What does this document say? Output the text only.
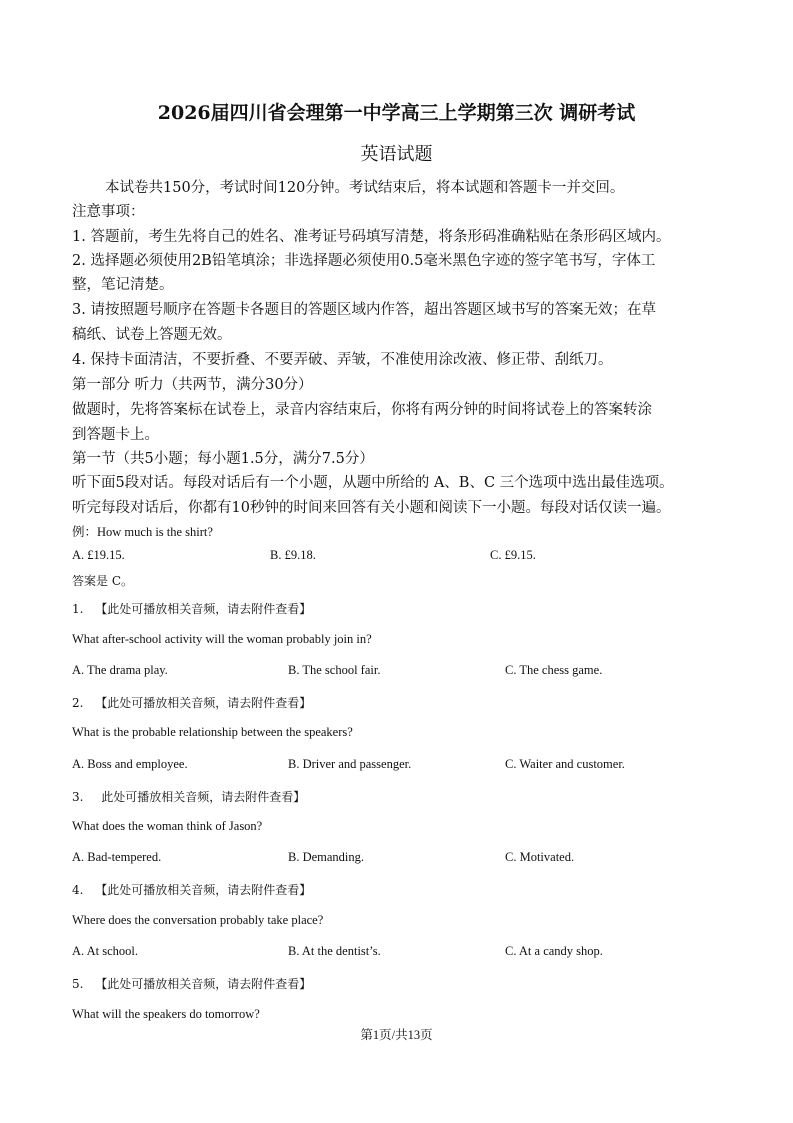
2026届四川省会理第一中学高三上学期第三次 调研考试
英语试题
本试卷共150分，考试时间120分钟。考试结束后，将本试题和答题卡一并交回。
注意事项：
1. 答题前，考生先将自己的姓名、准考证号码填写清楚，将条形码准确粘贴在条形码区域内。
2. 选择题必须使用2B铅笔填涂；非选择题必须使用0.5毫米黑色字迹的签字笔书写，字体工
整，笔记清楚。
3. 请按照题号顺序在答题卡各题目的答题区域内作答，超出答题区域书写的答案无效；在草
稿纸、试卷上答题无效。
4. 保持卡面清洁，不要折叠、不要弄破、弄皱，不准使用涂改液、修正带、刮纸刀。
第一部分 听力（共两节，满分30分）
做题时，先将答案标在试卷上，录音内容结束后，你将有两分钟的时间将试卷上的答案转涂
到答题卡上。
第一节（共5小题；每小题1.5分，满分7.5分）
听下面5段对话。每段对话后有一个小题，从题中所给的 A、B、C 三个选项中选出最佳选项。
听完每段对话后，你都有10秒钟的时间来回答有关小题和阅读下一小题。每段对话仅读一遍。
例：How much is the shirt?
A. £19.15.	B. £9.18.	C. £9.15.
答案是 C。
1. 【此处可播放相关音频，请去附件查看】
What after-school activity will the woman probably join in?
A. The drama play.	B. The school fair.	C. The chess game.
2. 【此处可播放相关音频，请去附件查看】
What is the probable relationship between the speakers?
A. Boss and employee.	B. Driver and passenger.	C. Waiter and customer.
3. 此处可播放相关音频，请去附件查看】
What does the woman think of Jason?
A. Bad-tempered.	B. Demanding.	C. Motivated.
4. 【此处可播放相关音频，请去附件查看】
Where does the conversation probably take place?
A. At school.	B. At the dentist’s.	C. At a candy shop.
5. 【此处可播放相关音频，请去附件查看】
What will the speakers do tomorrow?
第1页/共13页
